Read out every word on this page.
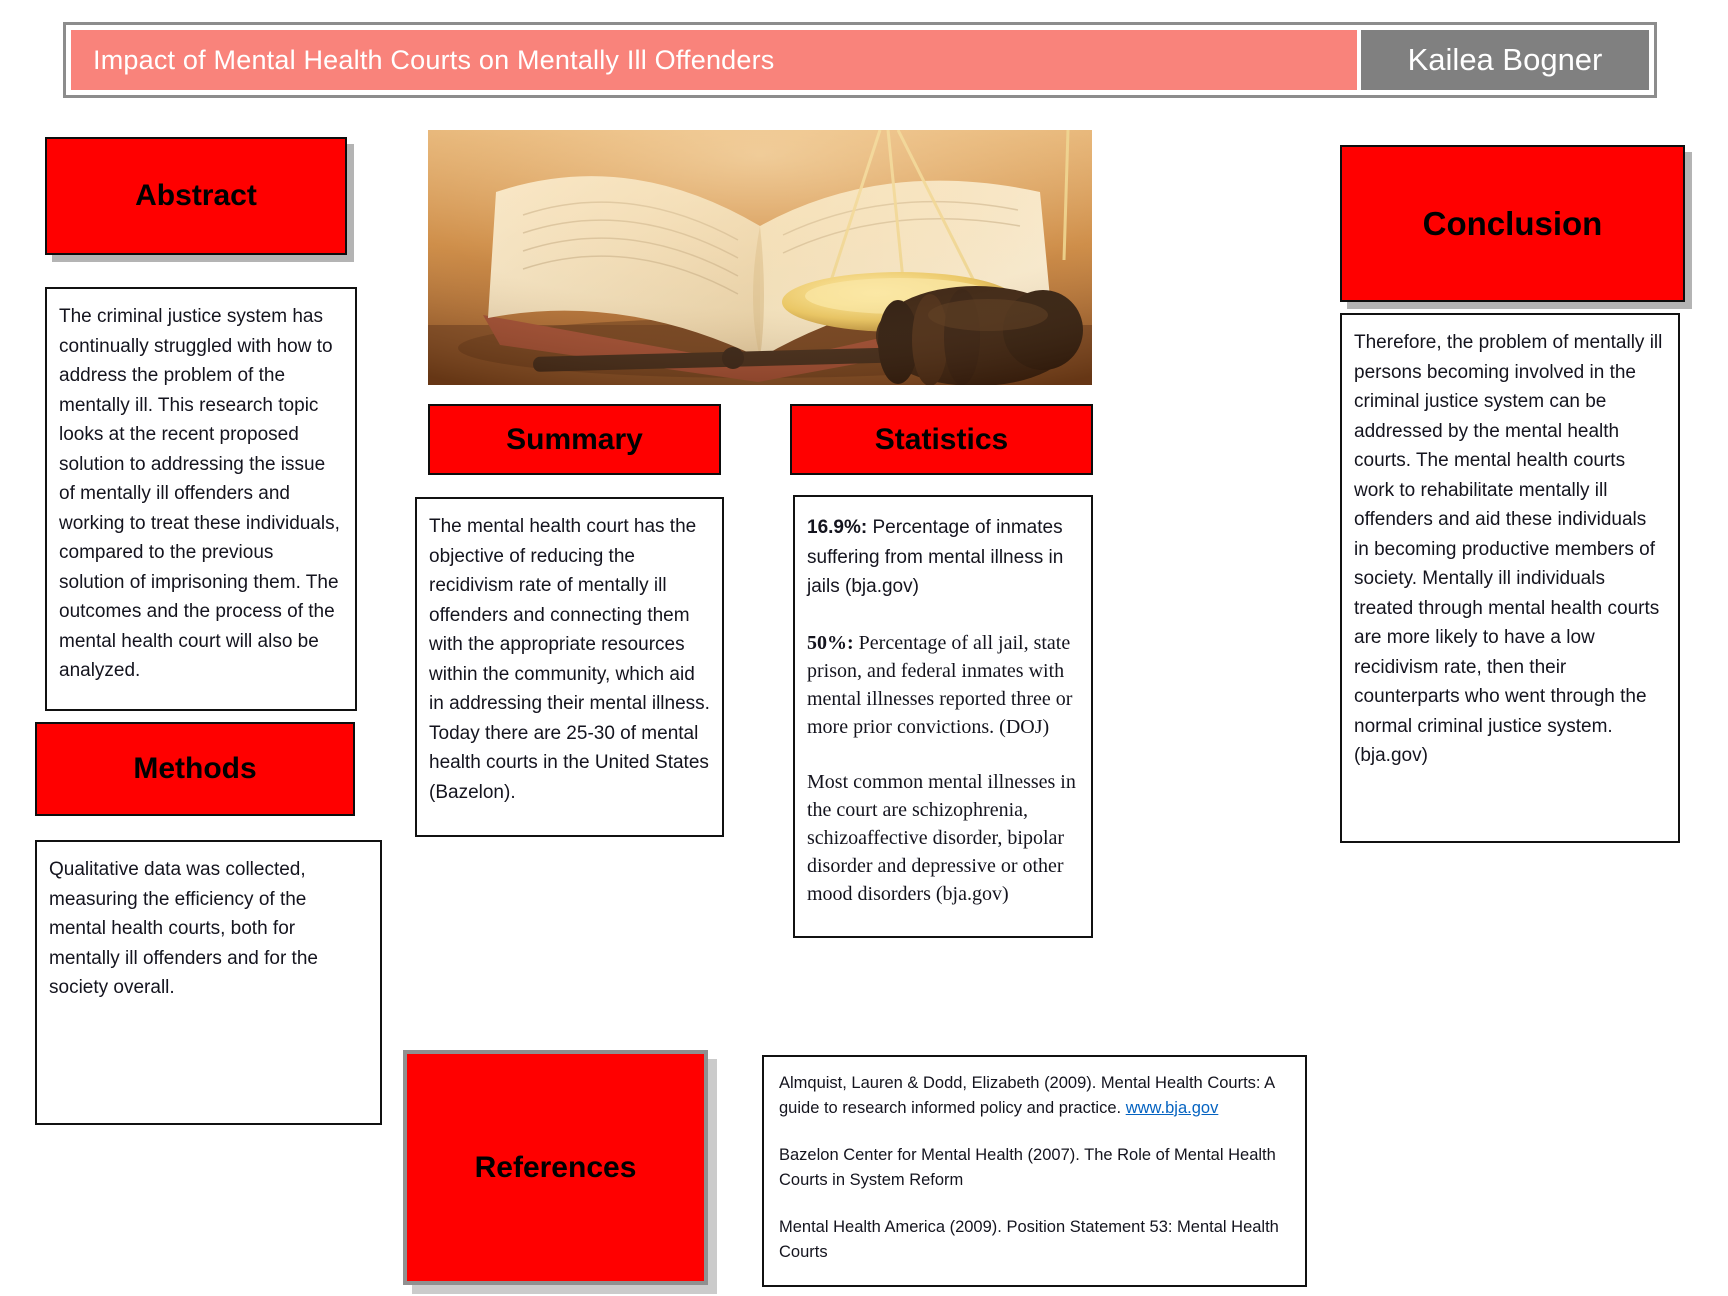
Impact of Mental Health Courts on Mentally Ill Offenders	Kailea Bogner
Abstract
The criminal justice system has continually struggled with how to address the problem of the mentally ill. This research topic looks at the recent proposed solution to addressing the issue of mentally ill offenders and working to treat these individuals, compared to the previous solution of imprisoning them. The outcomes and the process of the mental health court will also be analyzed.
Methods
Qualitative data was collected, measuring the efficiency of the mental health courts, both for mentally ill offenders and for the society overall.
Summary
The mental health court has the objective of reducing the recidivism rate of mentally ill offenders and connecting them with the appropriate resources within the community, which aid in addressing their mental illness. Today there are 25-30 of mental health courts in the United States (Bazelon).
Statistics

16.9%: Percentage of inmates suffering from mental illness in jails (bja.gov)

50%: Percentage of all jail, state prison, and federal inmates with mental illnesses reported three or more prior convictions. (DOJ)

Most common mental illnesses in the court are schizophrenia, schizoaffective disorder, bipolar disorder and depressive or other mood disorders (bja.gov)

Conclusion
Therefore, the problem of mentally ill persons becoming involved in the criminal justice system can be addressed by the mental health courts. The mental health courts work to rehabilitate mentally ill offenders and aid these individuals in becoming productive members of society. Mentally ill individuals treated through mental health courts are more likely to have a low recidivism rate, then their counterparts who went through the normal criminal justice system. (bja.gov)
References

Almquist, Lauren & Dodd, Elizabeth (2009). Mental Health Courts: A guide to research informed policy and practice. www.bja.gov

Bazelon Center for Mental Health (2007). The Role of Mental Health Courts in System Reform

Mental Health America (2009). Position Statement 53: Mental Health Courts
